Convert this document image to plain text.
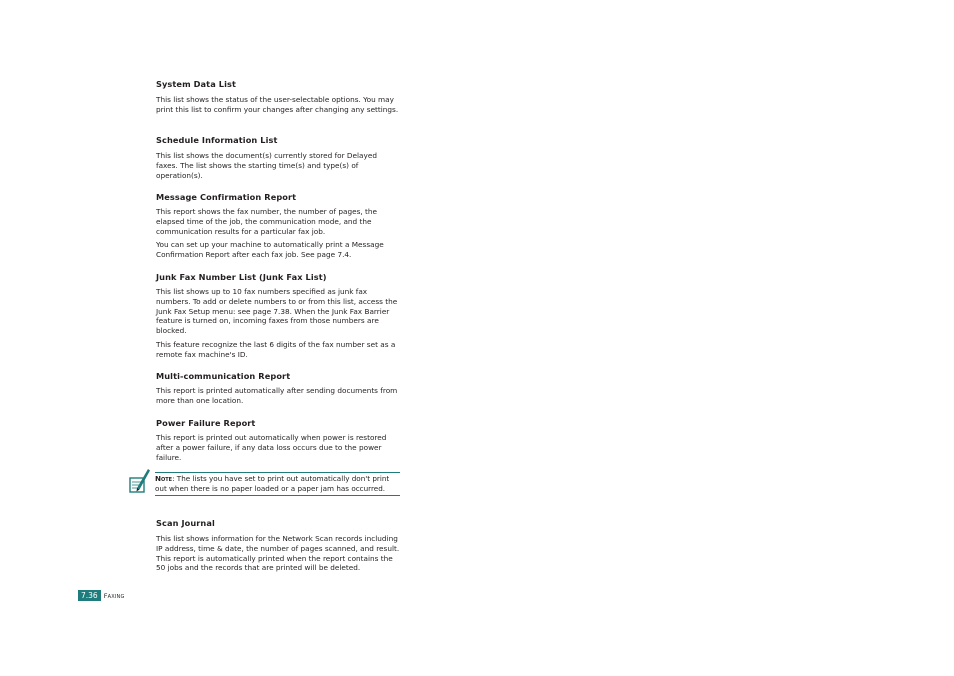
System Data List

This list shows the status of the user-selectable options. You may print this list to confirm your changes after changing any settings.

Schedule Information List

This list shows the document(s) currently stored for Delayed faxes. The list shows the starting time(s) and type(s) of operation(s).

Message Confirmation Report

This report shows the fax number, the number of pages, the elapsed time of the job, the communication mode, and the communication results for a particular fax job.

You can set up your machine to automatically print a Message Confirmation Report after each fax job. See page 7.4.

Junk Fax Number List (Junk Fax List)

This list shows up to 10 fax numbers specified as junk fax numbers. To add or delete numbers to or from this list, access the Junk Fax Setup menu: see page 7.38. When the Junk Fax Barrier feature is turned on, incoming faxes from those numbers are blocked.

This feature recognize the last 6 digits of the fax number set as a remote fax machine's ID.

Multi-communication Report

This report is printed automatically after sending documents from more than one location.

Power Failure Report

This report is printed out automatically when power is restored after a power failure, if any data loss occurs due to the power failure.

Note: The lists you have set to print out automatically don't print out when there is no paper loaded or a paper jam has occurred.

Scan Journal

This list shows information for the Network Scan records including IP address, time & date, the number of pages scanned, and result. This report is automatically printed when the report contains the 50 jobs and the records that are printed will be deleted.

7.36 Faxing
